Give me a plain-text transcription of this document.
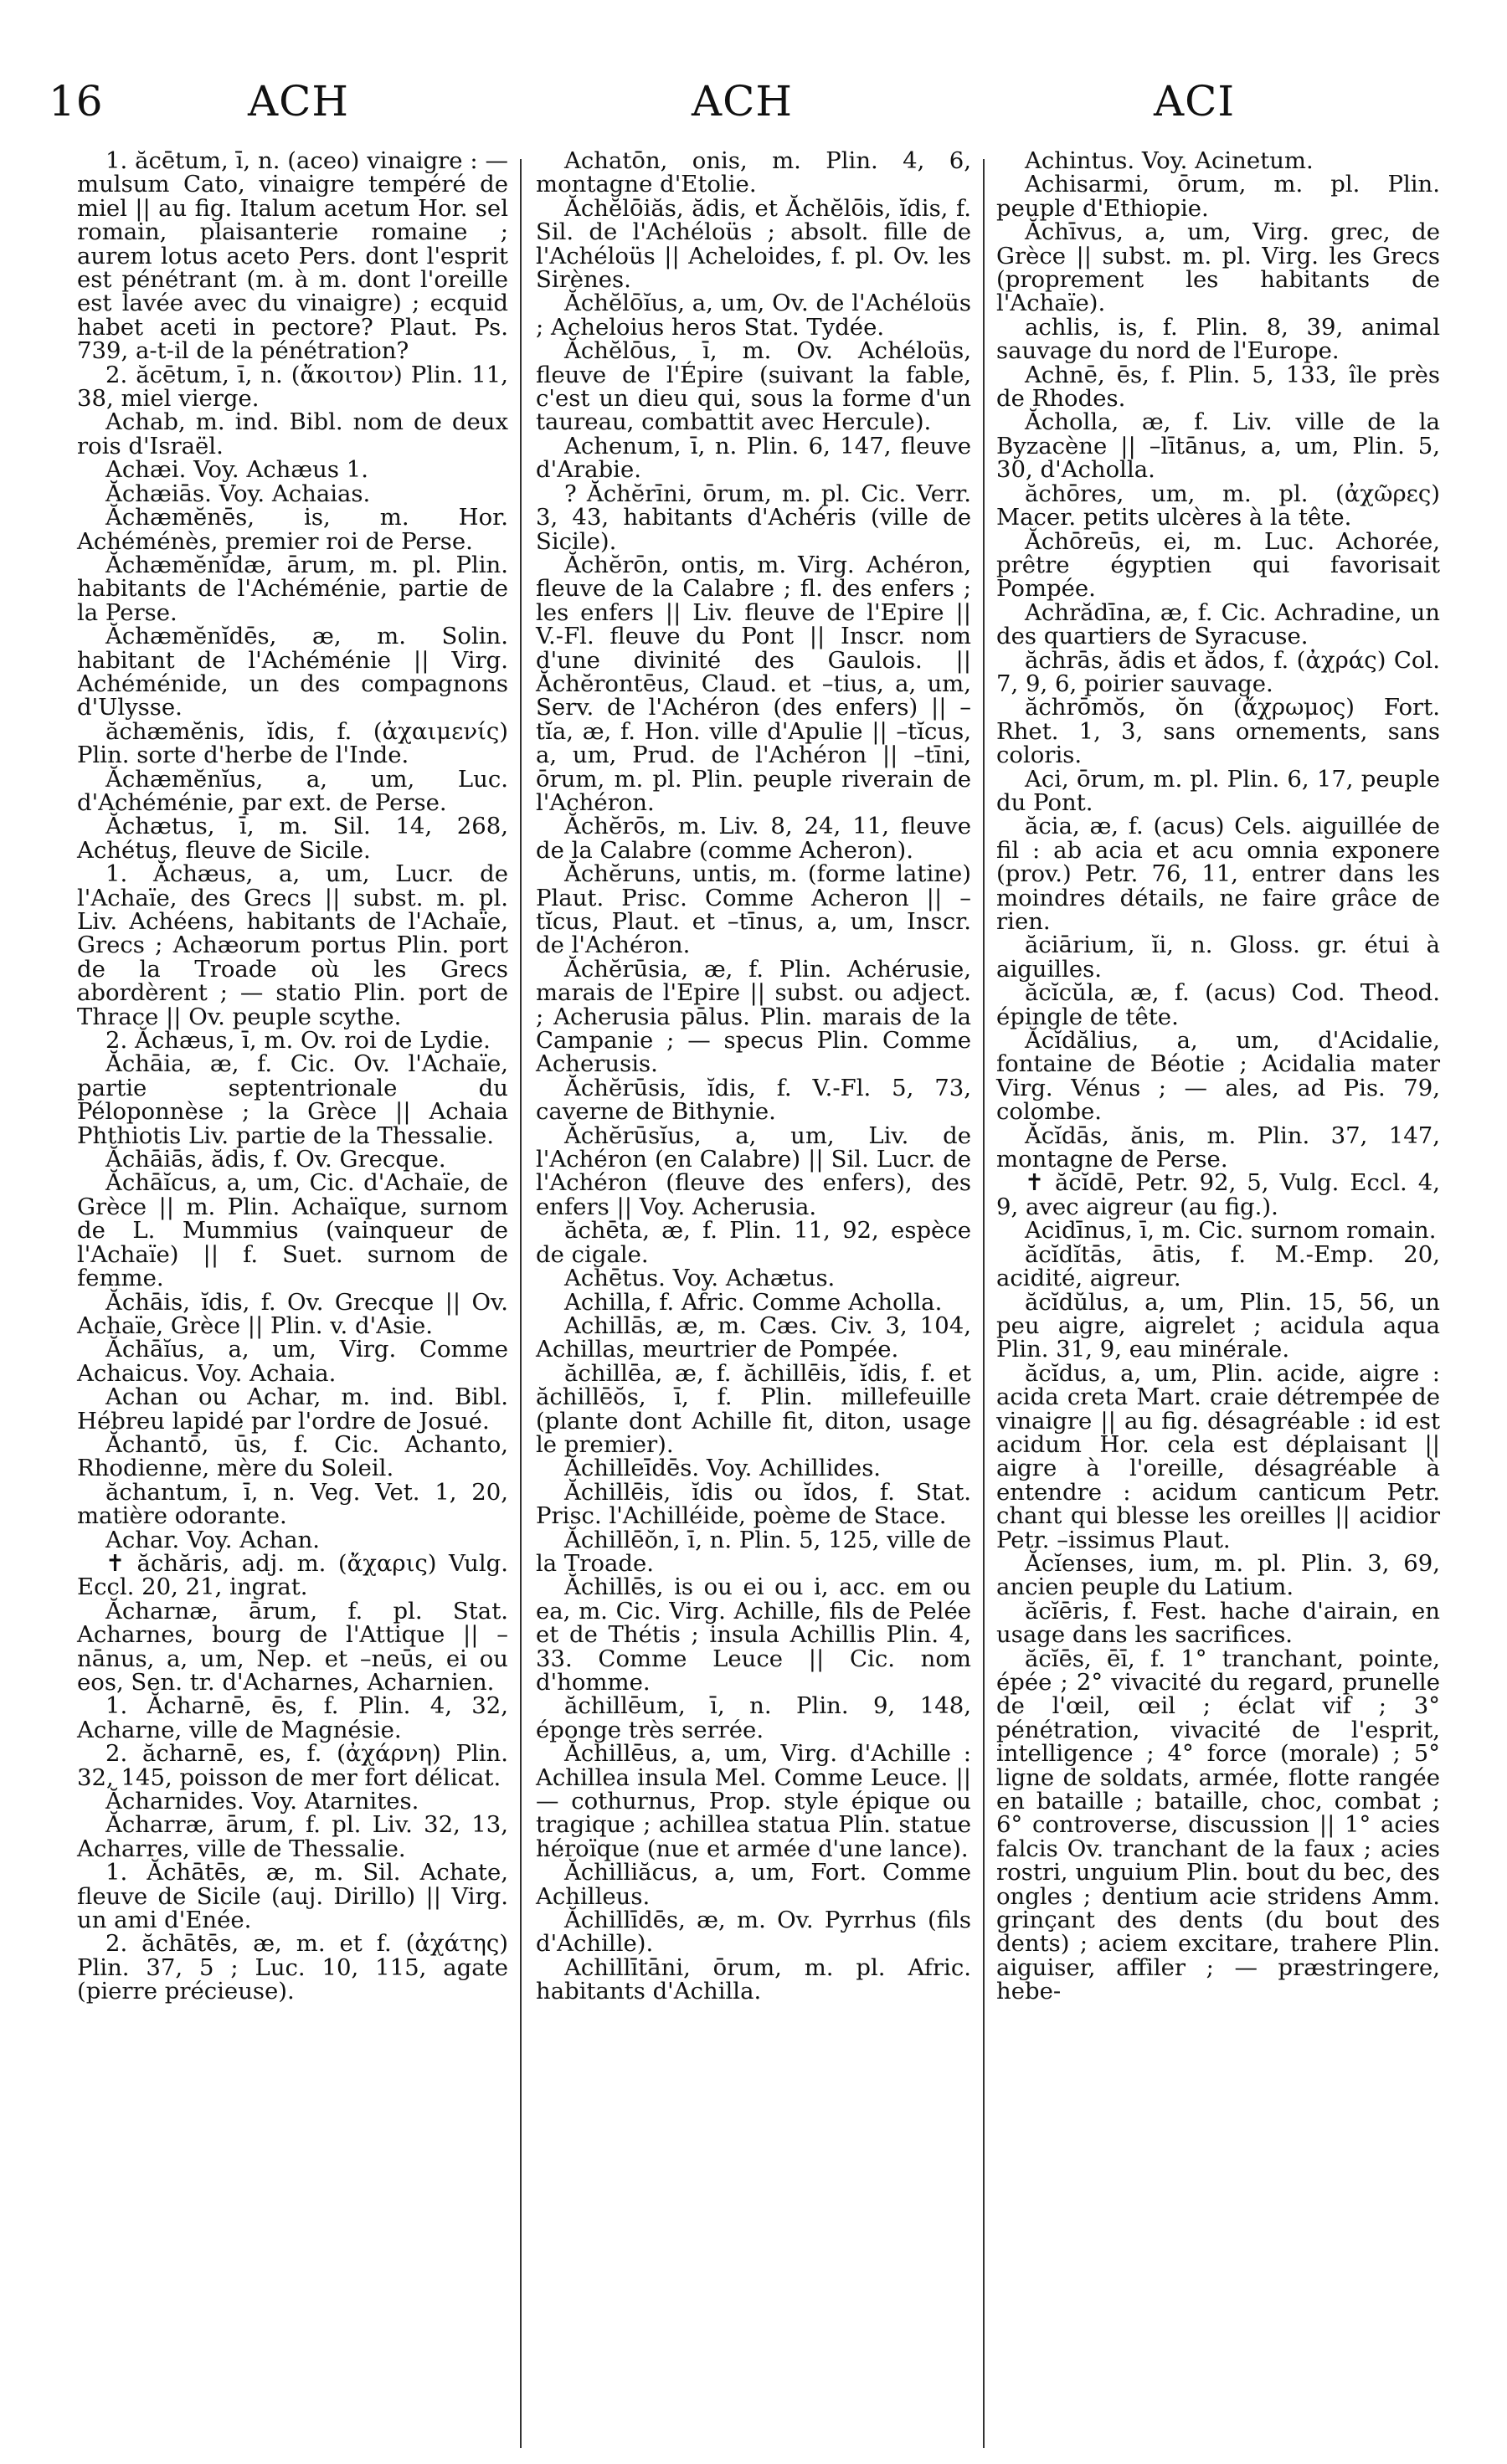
16	ACH	ACH	ACI

1. ăcētum, ī, n. (aceo) vinaigre : — mulsum Cato, vinaigre tempéré de miel || au fig. Italum acetum Hor. sel romain, plaisanterie romaine ; aurem lotus aceto Pers. dont l'esprit est pénétrant (m. à m. dont l'oreille est lavée avec du vinaigre) ; ecquid habet aceti in pectore? Plaut. Ps. 739, a-t-il de la pénétration?

2. ăcētum, ī, n. (ἄκοιτον) Plin. 11, 38, miel vierge.

Achab, m. ind. Bibl. nom de deux rois d'Israël.

Achæi. Voy. Achæus 1.

Ăchæiās. Voy. Achaias.

Ăchæmĕnēs, is, m. Hor. Achéménès, premier roi de Perse.

Ăchæmĕnĭdæ, ārum, m. pl. Plin. habitants de l'Achéménie, partie de la Perse.

Ăchæmĕnĭdēs, æ, m. Solin. habitant de l'Achéménie || Virg. Achéménide, un des compagnons d'Ulysse.

ăchæmĕnis, ĭdis, f. (ἀχαιμενίς) Plin. sorte d'herbe de l'Inde.

Ăchæmĕnĭus, a, um, Luc. d'Achéménie, par ext. de Perse.

Ăchætus, ī, m. Sil. 14, 268, Achétus, fleuve de Sicile.

1. Ăchæus, a, um, Lucr. de l'Achaïe, des Grecs || subst. m. pl. Liv. Achéens, habitants de l'Achaïe, Grecs ; Achæorum portus Plin. port de la Troade où les Grecs abordèrent ; — statio Plin. port de Thrace || Ov. peuple scythe.

2. Ăchæus, ī, m. Ov. roi de Lydie.

Ăchāia, æ, f. Cic. Ov. l'Achaïe, partie septentrionale du Péloponnèse ; la Grèce || Achaia Phthiotis Liv. partie de la Thessalie.

Ăchāiās, ădis, f. Ov. Grecque.

Ăchāĭcus, a, um, Cic. d'Achaïe, de Grèce || m. Plin. Achaïque, surnom de L. Mummius (vainqueur de l'Achaïe) || f. Suet. surnom de femme.

Ăchāis, ĭdis, f. Ov. Grecque || Ov. Achaïe, Grèce || Plin. v. d'Asie.

Ăchāĭus, a, um, Virg. Comme Achaicus. Voy. Achaia.

Achan ou Achar, m. ind. Bibl. Hébreu lapidé par l'ordre de Josué.

Ăchantō, ūs, f. Cic. Achanto, Rhodienne, mère du Soleil.

ăchantum, ī, n. Veg. Vet. 1, 20, matière odorante.

Achar. Voy. Achan.

✝ ăchăris, adj. m. (ἄχαρις) Vulg. Eccl. 20, 21, ingrat.

Ăcharnæ, ārum, f. pl. Stat. Acharnes, bourg de l'Attique || –nānus, a, um, Nep. et –neūs, ei ou eos, Sen. tr. d'Acharnes, Acharnien.

1. Ăcharnē, ēs, f. Plin. 4, 32, Acharne, ville de Magnésie.

2. ăcharnē, es, f. (ἀχάρνη) Plin. 32, 145, poisson de mer fort délicat.

Ăcharnides. Voy. Atarnites.

Ăcharræ, ārum, f. pl. Liv. 32, 13, Acharres, ville de Thessalie.

1. Ăchātēs, æ, m. Sil. Achate, fleuve de Sicile (auj. Dirillo) || Virg. un ami d'Enée.

2. ăchātēs, æ, m. et f. (ἀχάτης) Plin. 37, 5 ; Luc. 10, 115, agate (pierre précieuse).

Achatōn, onis, m. Plin. 4, 6, montagne d'Etolie.

Ăchĕlōiăs, ădis, et Ăchĕlōis, ĭdis, f. Sil. de l'Achéloüs ; absolt. fille de l'Achéloüs || Acheloides, f. pl. Ov. les Sirènes.

Ăchĕlōĭus, a, um, Ov. de l'Achéloüs ; Acheloius heros Stat. Tydée.

Ăchĕlōus, ī, m. Ov. Achéloüs, fleuve de l'Épire (suivant la fable, c'est un dieu qui, sous la forme d'un taureau, combattit avec Hercule).

Achenum, ī, n. Plin. 6, 147, fleuve d'Arabie.

? Ăchĕrīni, ōrum, m. pl. Cic. Verr. 3, 43, habitants d'Achéris (ville de Sicile).

Ăchĕrōn, ontis, m. Virg. Achéron, fleuve de la Calabre ; fl. des enfers ; les enfers || Liv. fleuve de l'Epire || V.-Fl. fleuve du Pont || Inscr. nom d'une divinité des Gaulois. || Ăchĕrontēus, Claud. et –tius, a, um, Serv. de l'Achéron (des enfers) || –tĭa, æ, f. Hon. ville d'Apulie || –tĭcus, a, um, Prud. de l'Achéron || –tīni, ōrum, m. pl. Plin. peuple riverain de l'Achéron.

Ăchĕrōs, m. Liv. 8, 24, 11, fleuve de la Calabre (comme Acheron).

Ăchĕruns, untis, m. (forme latine) Plaut. Prisc. Comme Acheron || –tĭcus, Plaut. et –tīnus, a, um, Inscr. de l'Achéron.

Ăchĕrūsia, æ, f. Plin. Achérusie, marais de l'Epire || subst. ou adject. ; Acherusia pālus. Plin. marais de la Campanie ; — specus Plin. Comme Acherusis.

Ăchĕrūsis, ĭdis, f. V.-Fl. 5, 73, caverne de Bithynie.

Ăchĕrūsĭus, a, um, Liv. de l'Achéron (en Calabre) || Sil. Lucr. de l'Achéron (fleuve des enfers), des enfers || Voy. Acherusia.

ăchēta, æ, f. Plin. 11, 92, espèce de cigale.

Achētus. Voy. Achætus.

Achilla, f. Afric. Comme Acholla.

Achillās, æ, m. Cæs. Civ. 3, 104, Achillas, meurtrier de Pompée.

ăchillēa, æ, f. ăchillēis, ĭdis, f. et ăchillēŏs, ī, f. Plin. millefeuille (plante dont Achille fit, diton, usage le premier).

Ăchilleīdēs. Voy. Achillides.

Ăchillēis, ĭdis ou ĭdos, f. Stat. Prisc. l'Achilléide, poème de Stace.

Ăchillēŏn, ī, n. Plin. 5, 125, ville de la Troade.

Ăchillēs, is ou ei ou i, acc. em ou ea, m. Cic. Virg. Achille, fils de Pelée et de Thétis ; insula Achillis Plin. 4, 33. Comme Leuce || Cic. nom d'homme.

ăchillēum, ī, n. Plin. 9, 148, éponge très serrée.

Ăchillēus, a, um, Virg. d'Achille : Achillea insula Mel. Comme Leuce. || — cothurnus, Prop. style épique ou tragique ; achillea statua Plin. statue héroïque (nue et armée d'une lance).

Ăchilliăcus, a, um, Fort. Comme Achilleus.

Ăchillīdēs, æ, m. Ov. Pyrrhus (fils d'Achille).

Achillītāni, ōrum, m. pl. Afric. habitants d'Achilla.

Achintus. Voy. Acinetum.

Achisarmi, ōrum, m. pl. Plin. peuple d'Ethiopie.

Ăchīvus, a, um, Virg. grec, de Grèce || subst. m. pl. Virg. les Grecs (proprement les habitants de l'Achaïe).

achlis, is, f. Plin. 8, 39, animal sauvage du nord de l'Europe.

Achnē, ēs, f. Plin. 5, 133, île près de Rhodes.

Ăcholla, æ, f. Liv. ville de la Byzacène || –lītānus, a, um, Plin. 5, 30, d'Acholla.

ăchōres, um, m. pl. (ἀχῶρες) Macer. petits ulcères à la tête.

Ăchōreūs, ei, m. Luc. Achorée, prêtre égyptien qui favorisait Pompée.

Achrădīna, æ, f. Cic. Achradine, un des quartiers de Syracuse.

ăchrās, ădis et ădos, f. (ἀχράς) Col. 7, 9, 6, poirier sauvage.

ăchrōmŏs, ŏn (ἄχρωμος) Fort. Rhet. 1, 3, sans ornements, sans coloris.

Aci, ōrum, m. pl. Plin. 6, 17, peuple du Pont.

ăcia, æ, f. (acus) Cels. aiguillée de fil : ab acia et acu omnia exponere (prov.) Petr. 76, 11, entrer dans les moindres détails, ne faire grâce de rien.

ăciārium, ĭi, n. Gloss. gr. étui à aiguilles.

ăcĭcŭla, æ, f. (acus) Cod. Theod. épingle de tête.

Ăcĭdălius, a, um, d'Acidalie, fontaine de Béotie ; Acidalia mater Virg. Vénus ; — ales, ad Pis. 79, colombe.

Ăcĭdās, ănis, m. Plin. 37, 147, montagne de Perse.

✝ ăcĭdē, Petr. 92, 5, Vulg. Eccl. 4, 9, avec aigreur (au fig.).

Acidīnus, ī, m. Cic. surnom romain.

ăcĭdĭtās, ātis, f. M.-Emp. 20, acidité, aigreur.

ăcĭdŭlus, a, um, Plin. 15, 56, un peu aigre, aigrelet ; acidula aqua Plin. 31, 9, eau minérale.

ăcĭdus, a, um, Plin. acide, aigre : acida creta Mart. craie détrempée de vinaigre || au fig. désagréable : id est acidum Hor. cela est déplaisant || aigre à l'oreille, désagréable à entendre : acidum canticum Petr. chant qui blesse les oreilles || acidior Petr. –issimus Plaut.

Ăcĭenses, ium, m. pl. Plin. 3, 69, ancien peuple du Latium.

ăcĭēris, f. Fest. hache d'airain, en usage dans les sacrifices.

ăcĭēs, ēī, f. 1° tranchant, pointe, épée ; 2° vivacité du regard, prunelle de l'œil, œil ; éclat vif ; 3° pénétration, vivacité de l'esprit, intelligence ; 4° force (morale) ; 5° ligne de soldats, armée, flotte rangée en bataille ; bataille, choc, combat ; 6° controverse, discussion || 1° acies falcis Ov. tranchant de la faux ; acies rostri, unguium Plin. bout du bec, des ongles ; dentium acie stridens Amm. grinçant des dents (du bout des dents) ; aciem excitare, trahere Plin. aiguiser, affiler ; — præstringere, hebe-
